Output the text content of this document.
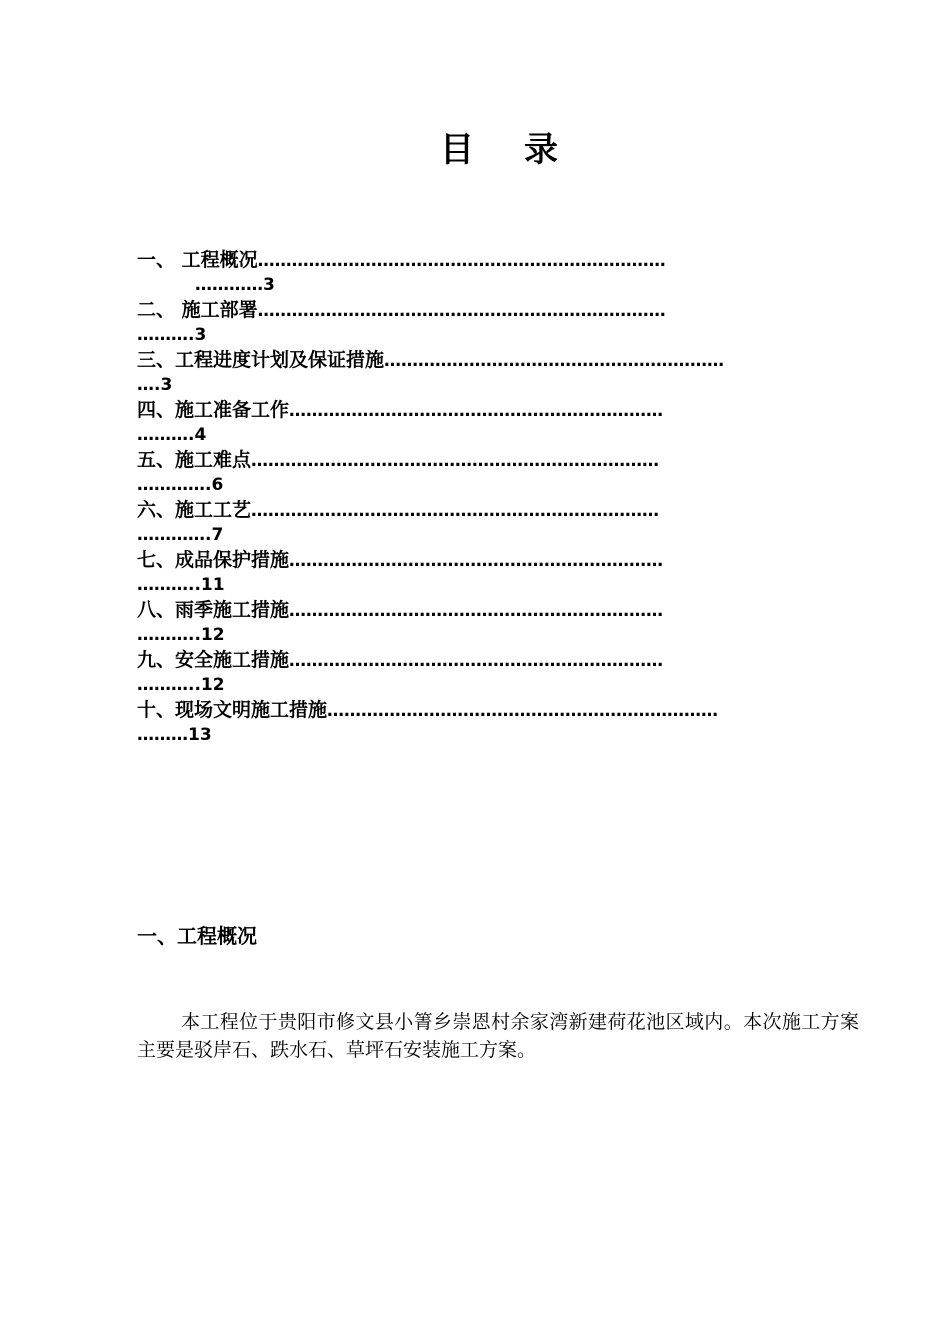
目 录
一、 工程概况………………………………………………………………
…………3
二、 施工部署………………………………………………………………
……….3
三、工程进度计划及保证措施……………………………………………………
….3
四、施工准备工作…………………………………………………………
……….4
五、施工难点………………………………………………………………
………….6
六、施工工艺………………………………………………………………
………….7
七、成品保护措施…………………………………………………………
………..11
八、雨季施工措施…………………………………………………………
………..12
九、安全施工措施…………………………………………………………
………..12
十、现场文明施工措施……………………………………………………………
………13
一、工程概况

本工程位于贵阳市修文县小箐乡崇恩村余家湾新建荷花池区域内。本次施工方案主要是驳岸石、跌水石、草坪石安装施工方案。
